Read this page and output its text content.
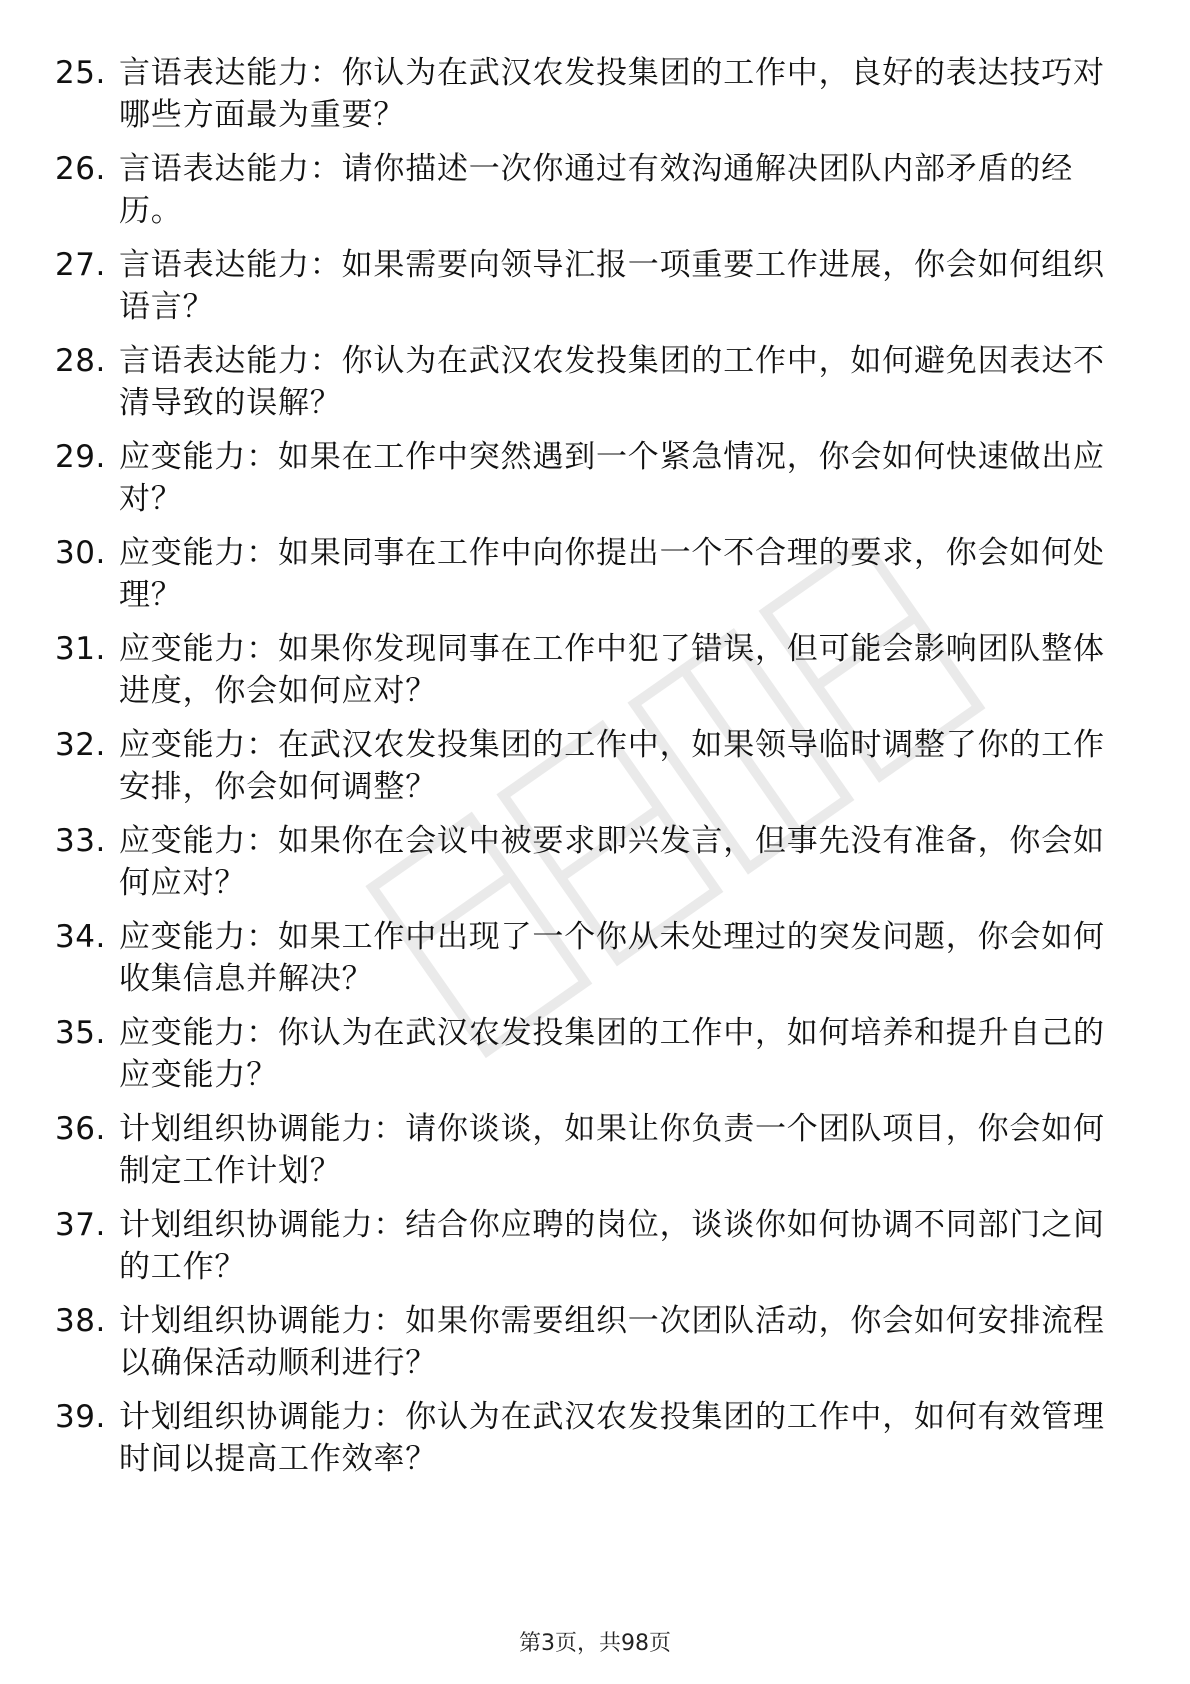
25. 言语表达能力：你认为在武汉农发投集团的工作中，良好的表达技巧对哪些方面最为重要？
26. 言语表达能力：请你描述一次你通过有效沟通解决团队内部矛盾的经历。
27. 言语表达能力：如果需要向领导汇报一项重要工作进展，你会如何组织语言？
28. 言语表达能力：你认为在武汉农发投集团的工作中，如何避免因表达不清导致的误解？
29. 应变能力：如果在工作中突然遇到一个紧急情况，你会如何快速做出应对？
30. 应变能力：如果同事在工作中向你提出一个不合理的要求，你会如何处理？
31. 应变能力：如果你发现同事在工作中犯了错误，但可能会影响团队整体进度，你会如何应对？
32. 应变能力：在武汉农发投集团的工作中，如果领导临时调整了你的工作安排，你会如何调整？
33. 应变能力：如果你在会议中被要求即兴发言，但事先没有准备，你会如何应对？
34. 应变能力：如果工作中出现了一个你从未处理过的突发问题，你会如何收集信息并解决？
35. 应变能力：你认为在武汉农发投集团的工作中，如何培养和提升自己的应变能力？
36. 计划组织协调能力：请你谈谈，如果让你负责一个团队项目，你会如何制定工作计划？
37. 计划组织协调能力：结合你应聘的岗位，谈谈你如何协调不同部门之间的工作？
38. 计划组织协调能力：如果你需要组织一次团队活动，你会如何安排流程以确保活动顺利进行？
39. 计划组织协调能力：你认为在武汉农发投集团的工作中，如何有效管理时间以提高工作效率？
第3页，共98页
